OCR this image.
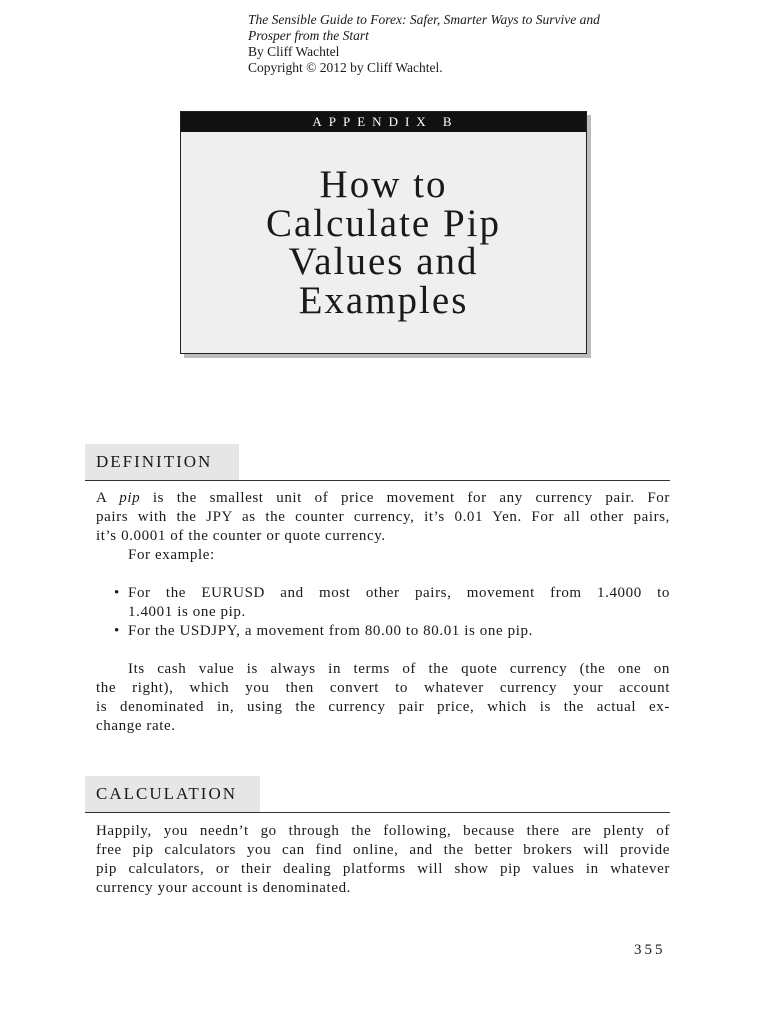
The Sensible Guide to Forex: Safer, Smarter Ways to Survive and
Prosper from the Start
By Cliff Wachtel
Copyright © 2012 by Cliff Wachtel.
APPENDIX B
How to
Calculate Pip
Values and
Examples
DEFINITION
A pip is the smallest unit of price movement for any currency pair. For
pairs with the JPY as the counter currency, it’s 0.01 Yen. For all other pairs,
it’s 0.0001 of the counter or quote currency.
For example:
• For the EURUSD and most other pairs, movement from 1.4000 to
1.4001 is one pip.
• For the USDJPY, a movement from 80.00 to 80.01 is one pip.
Its cash value is always in terms of the quote currency (the one on
the right), which you then convert to whatever currency your account
is denominated in, using the currency pair price, which is the actual ex-
change rate.
CALCULATION
Happily, you needn’t go through the following, because there are plenty of
free pip calculators you can find online, and the better brokers will provide
pip calculators, or their dealing platforms will show pip values in whatever
currency your account is denominated.
355
